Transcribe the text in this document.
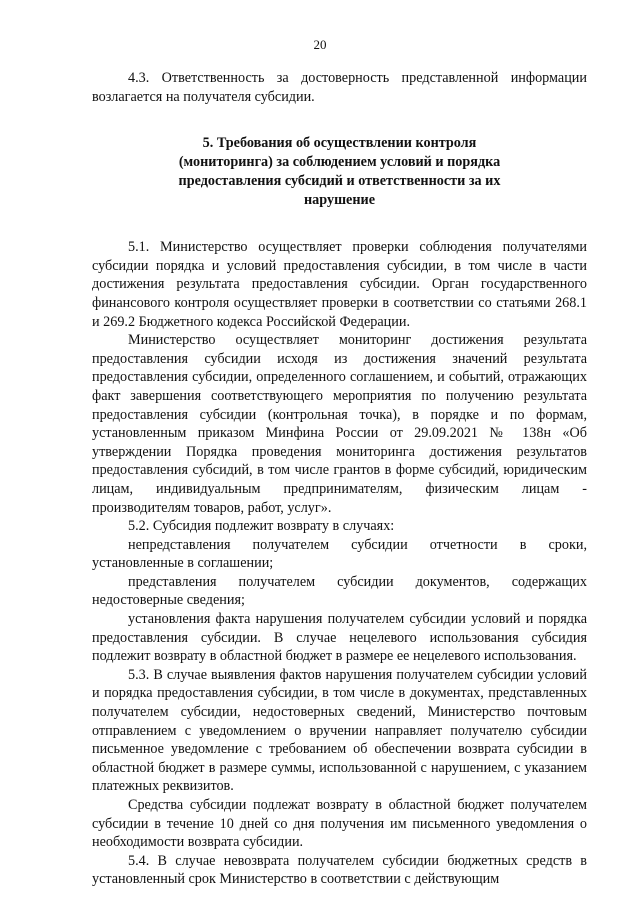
20

4.3. Ответственность за достоверность представленной информации возлагается на получателя субсидии.

5. Требования об осуществлении контроля
(мониторинга) за соблюдением условий и порядка
предоставления субсидий и ответственности за их
нарушение

5.1. Министерство осуществляет проверки соблюдения получателями субсидии порядка и условий предоставления субсидии, в том числе в части достижения результата предоставления субсидии. Орган государственного финансового контроля осуществляет проверки в соответствии со статьями 268.1 и 269.2 Бюджетного кодекса Российской Федерации.

Министерство осуществляет мониторинг достижения результата предоставления субсидии исходя из достижения значений результата предоставления субсидии, определенного соглашением, и событий, отражающих факт завершения соответствующего мероприятия по получению результата предоставления субсидии (контрольная точка), в порядке и по формам, установленным приказом Минфина России от 29.09.2021 № 138н «Об утверждении Порядка проведения мониторинга достижения результатов предоставления субсидий, в том числе грантов в форме субсидий, юридическим лицам, индивидуальным предпринимателям, физическим лицам - производителям товаров, работ, услуг».

5.2. Субсидия подлежит возврату в случаях:

непредставления получателем субсидии отчетности в сроки, установленные в соглашении;

представления получателем субсидии документов, содержащих недостоверные сведения;

установления факта нарушения получателем субсидии условий и порядка предоставления субсидии. В случае нецелевого использования субсидия подлежит возврату в областной бюджет в размере ее нецелевого использования.

5.3. В случае выявления фактов нарушения получателем субсидии условий и порядка предоставления субсидии, в том числе в документах, представленных получателем субсидии, недостоверных сведений, Министерство почтовым отправлением с уведомлением о вручении направляет получателю субсидии письменное уведомление с требованием об обеспечении возврата субсидии в областной бюджет в размере суммы, использованной с нарушением, с указанием платежных реквизитов.

Средства субсидии подлежат возврату в областной бюджет получателем субсидии в течение 10 дней со дня получения им письменного уведомления о необходимости возврата субсидии.

5.4. В случае невозврата получателем субсидии бюджетных средств в установленный срок Министерство в соответствии с действующим
